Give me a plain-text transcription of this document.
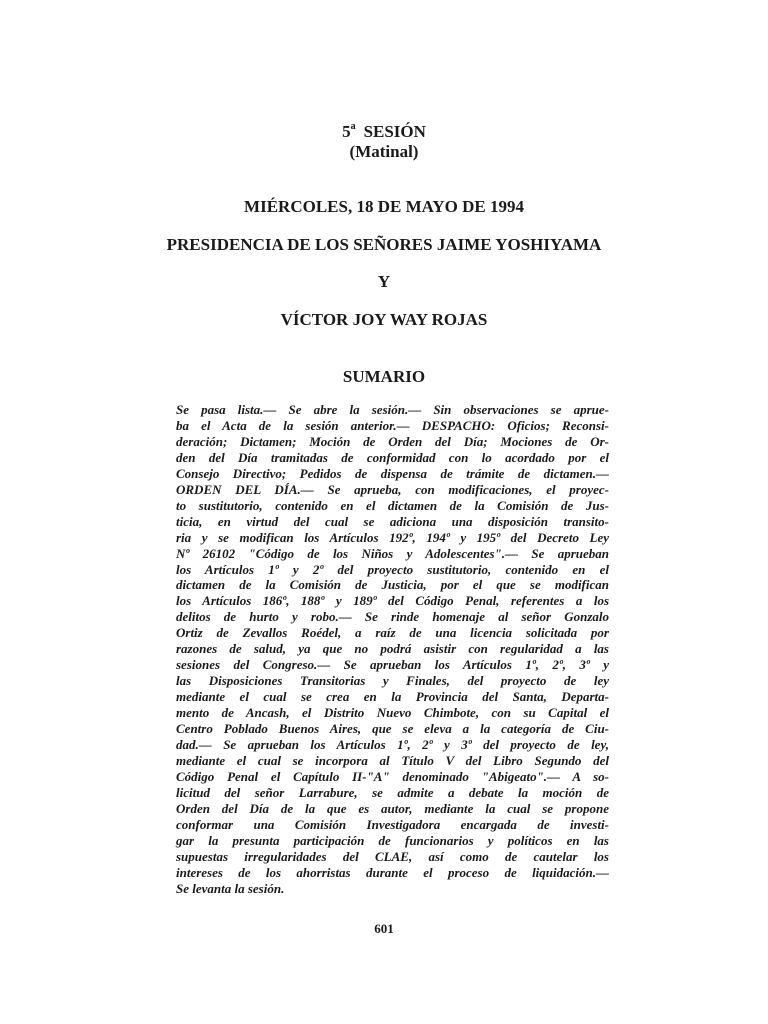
5$^a$ SESIÓN
(Matinal)
MIÉRCOLES, 18 DE MAYO DE 1994
PRESIDENCIA DE LOS SEÑORES JAIME YOSHIYAMA
Y
VÍCTOR JOY WAY ROJAS
SUMARIO
Se pasa lista.— Se abre la sesión.— Sin observaciones se aprue-
ba el Acta de la sesión anterior.— DESPACHO: Oficios; Reconsi-
deración; Dictamen; Moción de Orden del Día; Mociones de Or-
den del Día tramitadas de conformidad con lo acordado por el
Consejo Directivo; Pedidos de dispensa de trámite de dictamen.—
ORDEN DEL DÍA.— Se aprueba, con modificaciones, el proyec-
to sustitutorio, contenido en el dictamen de la Comisión de Jus-
ticia, en virtud del cual se adiciona una disposición transito-
ria y se modifican los Artículos 192º, 194º y 195º del Decreto Ley
Nº 26102 "Código de los Niños y Adolescentes".— Se aprueban
los Artículos 1º y 2º del proyecto sustitutorio, contenido en el
dictamen de la Comisión de Justicia, por el que se modifican
los Artículos 186º, 188º y 189º del Código Penal, referentes a los
delitos de hurto y robo.— Se rinde homenaje al señor Gonzalo
Ortiz de Zevallos Roédel, a raíz de una licencia solicitada por
razones de salud, ya que no podrá asistir con regularidad a las
sesiones del Congreso.— Se aprueban los Artículos 1º, 2º, 3º y
las Disposiciones Transitorias y Finales, del proyecto de ley
mediante el cual se crea en la Provincia del Santa, Departa-
mento de Ancash, el Distrito Nuevo Chimbote, con su Capital el
Centro Poblado Buenos Aires, que se eleva a la categoría de Ciu-
dad.— Se aprueban los Artículos 1º, 2º y 3º del proyecto de ley,
mediante el cual se incorpora al Título V del Libro Segundo del
Código Penal el Capítulo II-"A" denominado "Abigeato".— A so-
licitud del señor Larrabure, se admite a debate la moción de
Orden del Día de la que es autor, mediante la cual se propone
conformar una Comisión Investigadora encargada de investi-
gar la presunta participación de funcionarios y políticos en las
supuestas irregularidades del CLAE, así como de cautelar los
intereses de los ahorristas durante el proceso de liquidación.—
Se levanta la sesión.
601
